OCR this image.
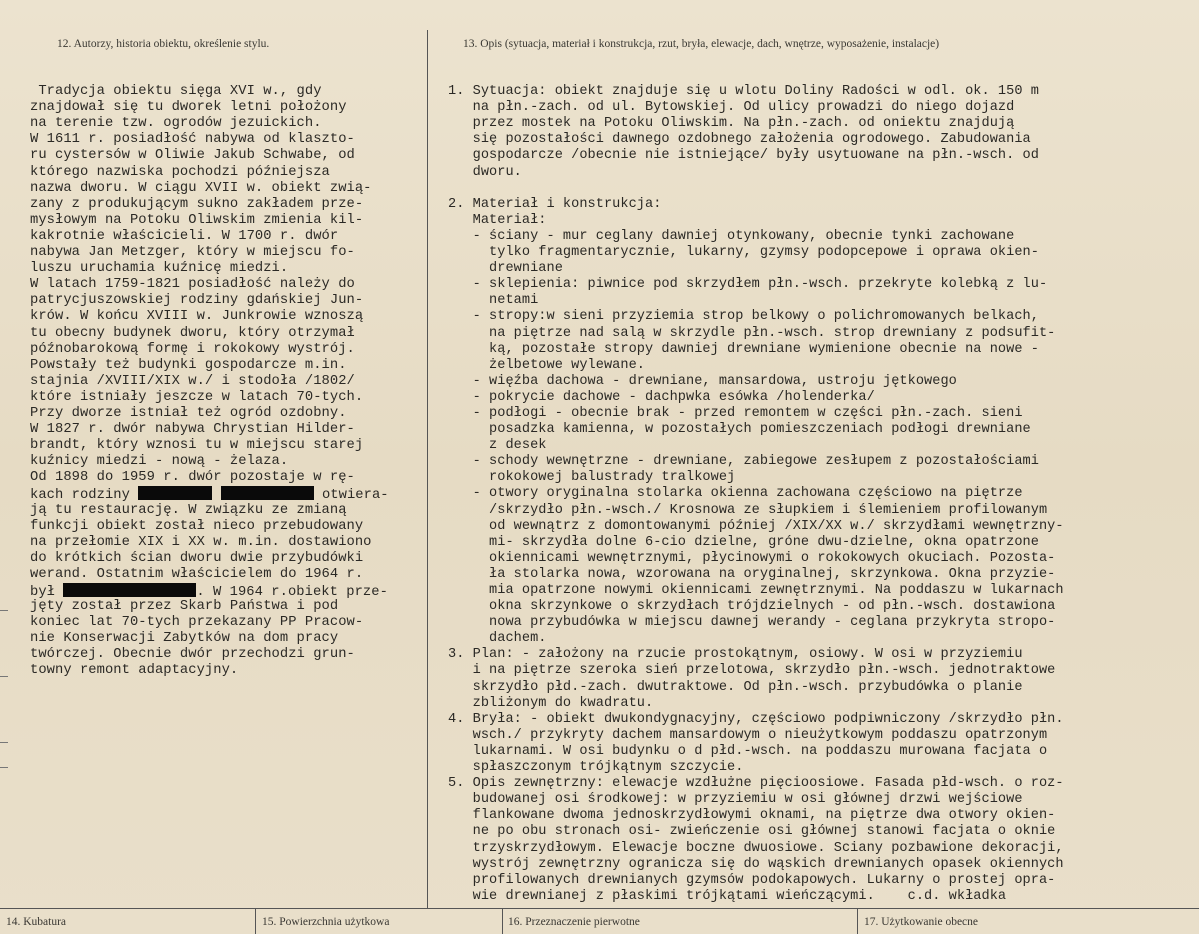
12. Autorzy, historia obiektu, określenie stylu.	13. Opis (sytuacja, materiał i konstrukcja, rzut, bryła, elewacje, dach, wnętrze, wyposażenie, instalacje)

Tradycja obiektu sięga XVI w., gdy
znajdował się tu dworek letni położony
na terenie tzw. ogrodów jezuickich.
W 1611 r. posiadłość nabywa od klaszto-
ru cystersów w Oliwie Jakub Schwabe, od
którego nazwiska pochodzi późniejsza
nazwa dworu. W ciągu XVII w. obiekt zwią-
zany z produkującym sukno zakładem prze-
mysłowym na Potoku Oliwskim zmienia kil-
kakrotnie właścicieli. W 1700 r. dwór
nabywa Jan Metzger, który w miejscu fo-
luszu uruchamia kuźnicę miedzi.
W latach 1759-1821 posiadłość należy do
patrycjuszowskiej rodziny gdańskiej Jun-
krów. W końcu XVIII w. Junkrowie wznoszą
tu obecny budynek dworu, który otrzymał
późnobarokową formę i rokokowy wystrój.
Powstały też budynki gospodarcze m.in.
stajnia /XVIII/XIX w./ i stodoła /1802/
które istniały jeszcze w latach 70-tych.
Przy dworze istniał też ogród ozdobny.
W 1827 r. dwór nabywa Chrystian Hilder-
brandt, który wznosi tu w miejscu starej
kuźnicy miedzi - nową - żelaza.
Od 1898 do 1959 r. dwór pozostaje w rę-
kach rodziny	otwiera-
ją tu restaurację. W związku ze zmianą
funkcji obiekt został nieco przebudowany
na przełomie XIX i XX w. m.in. dostawiono
do krótkich ścian dworu dwie przybudówki
werand. Ostatnim właścicielem do 1964 r.
był	. W 1964 r.obiekt prze-
jęty został przez Skarb Państwa i pod
koniec lat 70-tych przekazany PP Pracow-
nie Konserwacji Zabytków na dom pracy
twórczej. Obecnie dwór przechodzi grun-
towny remont adaptacyjny.

1. Sytuacja: obiekt znajduje się u wlotu Doliny Radości w odl. ok. 150 m
na płn.-zach. od ul. Bytowskiej. Od ulicy prowadzi do niego dojazd
przez mostek na Potoku Oliwskim. Na płn.-zach. od oniektu znajdują
się pozostałości dawnego ozdobnego założenia ogrodowego. Zabudowania
gospodarcze /obecnie nie istniejące/ były usytuowane na płn.-wsch. od
dworu.
2. Materiał i konstrukcja:
Materiał:
- ściany - mur ceglany dawniej otynkowany, obecnie tynki zachowane
tylko fragmentarycznie, lukarny, gzymsy podopcepowe i oprawa okien-
drewniane
- sklepienia: piwnice pod skrzydłem płn.-wsch. przekryte kolebką z lu-
netami
- stropy:w sieni przyziemia strop belkowy o polichromowanych belkach,
na piętrze nad salą w skrzydle płn.-wsch. strop drewniany z podsufit-
ką, pozostałe stropy dawniej drewniane wymienione obecnie na nowe -
żelbetowe wylewane.
- więźba dachowa - drewniane, mansardowa, ustroju jętkowego
- pokrycie dachowe - dachpwka esówka /holenderka/
- podłogi - obecnie brak - przed remontem w części płn.-zach. sieni
posadzka kamienna, w pozostałych pomieszczeniach podłogi drewniane
z desek
- schody wewnętrzne - drewniane, zabiegowe zesłupem z pozostałościami
rokokowej balustrady tralkowej
- otwory oryginalna stolarka okienna zachowana częściowo na piętrze
/skrzydło płn.-wsch./ Krosnowa ze słupkiem i ślemieniem profilowanym
od wewnątrz z domontowanymi później /XIX/XX w./ skrzydłami wewnętrzny-
mi- skrzydła dolne 6-cio dzielne, gróne dwu-dzielne, okna opatrzone
okiennicami wewnętrznymi, płycinowymi o rokokowych okuciach. Pozosta-
ła stolarka nowa, wzorowana na oryginalnej, skrzynkowa. Okna przyzie-
mia opatrzone nowymi okiennicami zewnętrznymi. Na poddaszu w lukarnach
okna skrzynkowe o skrzydłach trójdzielnych - od płn.-wsch. dostawiona
nowa przybudówka w miejscu dawnej werandy - ceglana przykryta stropo-
dachem.
3. Plan: - założony na rzucie prostokątnym, osiowy. W osi w przyziemiu
i na piętrze szeroka sień przelotowa, skrzydło płn.-wsch. jednotraktowe
skrzydło płd.-zach. dwutraktowe. Od płn.-wsch. przybudówka o planie
zbliżonym do kwadratu.
4. Bryła: - obiekt dwukondygnacyjny, częściowo podpiwniczony /skrzydło płn.
wsch./ przykryty dachem mansardowym o nieużytkowym poddaszu opatrzonym
lukarnami. W osi budynku o d płd.-wsch. na poddaszu murowana facjata o
spłaszczonym trójkątnym szczycie.
5. Opis zewnętrzny: elewacje wzdłużne pięcioosiowe. Fasada płd-wsch. o roz-
budowanej osi środkowej: w przyziemiu w osi głównej drzwi wejściowe
flankowane dwoma jednoskrzydłowymi oknami, na piętrze dwa otwory okien-
ne po obu stronach osi- zwieńczenie osi głównej stanowi facjata o oknie
trzyskrzydłowym. Elewacje boczne dwuosiowe. Sciany pozbawione dekoracji,
wystrój zewnętrzny ogranicza się do wąskich drewnianych opasek okiennych
profilowanych drewnianych gzymsów podokapowych. Lukarny o prostej opra-
wie drewnianej z płaskimi trójkątami wieńczącymi.    c.d. wkładka
14. Kubatura	15. Powierzchnia użytkowa	16. Przeznaczenie pierwotne	17. Użytkowanie obecne
